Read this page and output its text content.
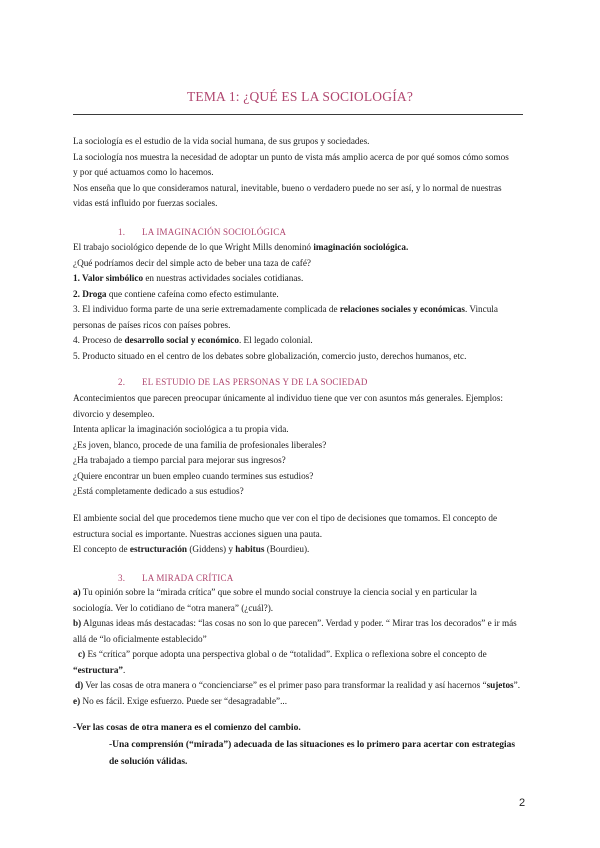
TEMA 1: ¿QUÉ ES LA SOCIOLOGÍA?

La sociología es el estudio de la vida social humana, de sus grupos y sociedades.

La sociología nos muestra la necesidad de adoptar un punto de vista más amplio acerca de por qué somos cómo somos

y por qué actuamos como lo hacemos.

Nos enseña que lo que consideramos natural, inevitable, bueno o verdadero puede no ser así, y lo normal de nuestras

vidas está influido por fuerzas sociales.

1. LA IMAGINACIÓN SOCIOLÓGICA

El trabajo sociológico depende de lo que Wright Mills denominó imaginación sociológica.

¿Qué podríamos decir del simple acto de beber una taza de café?

1. Valor simbólico en nuestras actividades sociales cotidianas.

2. Droga que contiene cafeína como efecto estimulante.

3. El individuo forma parte de una serie extremadamente complicada de relaciones sociales y económicas. Vincula

personas de países ricos con países pobres.

4. Proceso de desarrollo social y económico. El legado colonial.

5. Producto situado en el centro de los debates sobre globalización, comercio justo, derechos humanos, etc.

2. EL ESTUDIO DE LAS PERSONAS Y DE LA SOCIEDAD

Acontecimientos que parecen preocupar únicamente al individuo tiene que ver con asuntos más generales. Ejemplos:

divorcio y desempleo.

Intenta aplicar la imaginación sociológica a tu propia vida.

¿Es joven, blanco, procede de una familia de profesionales liberales?

¿Ha trabajado a tiempo parcial para mejorar sus ingresos?

¿Quiere encontrar un buen empleo cuando termines sus estudios?

¿Está completamente dedicado a sus estudios?

El ambiente social del que procedemos tiene mucho que ver con el tipo de decisiones que tomamos. El concepto de

estructura social es importante. Nuestras acciones siguen una pauta.

El concepto de estructuración (Giddens) y habitus (Bourdieu).

3. LA MIRADA CRÍTICA

a) Tu opinión sobre la “mirada crítica” que sobre el mundo social construye la ciencia social y en particular la

sociología. Ver lo cotidiano de “otra manera” (¿cuál?).

b) Algunas ideas más destacadas: “las cosas no son lo que parecen”. Verdad y poder. “ Mirar tras los decorados” e ir más

allá de “lo oficialmente establecido”

c) Es “crítica” porque adopta una perspectiva global o de “totalidad”. Explica o reflexiona sobre el concepto de

“estructura”.

d) Ver las cosas de otra manera o “concienciarse” es el primer paso para transformar la realidad y así hacernos “sujetos”.

e) No es fácil. Exige esfuerzo. Puede ser “desagradable”...

-Ver las cosas de otra manera es el comienzo del cambio.

-Una comprensión (“mirada”) adecuada de las situaciones es lo primero para acertar con estrategias

de solución válidas.

2
